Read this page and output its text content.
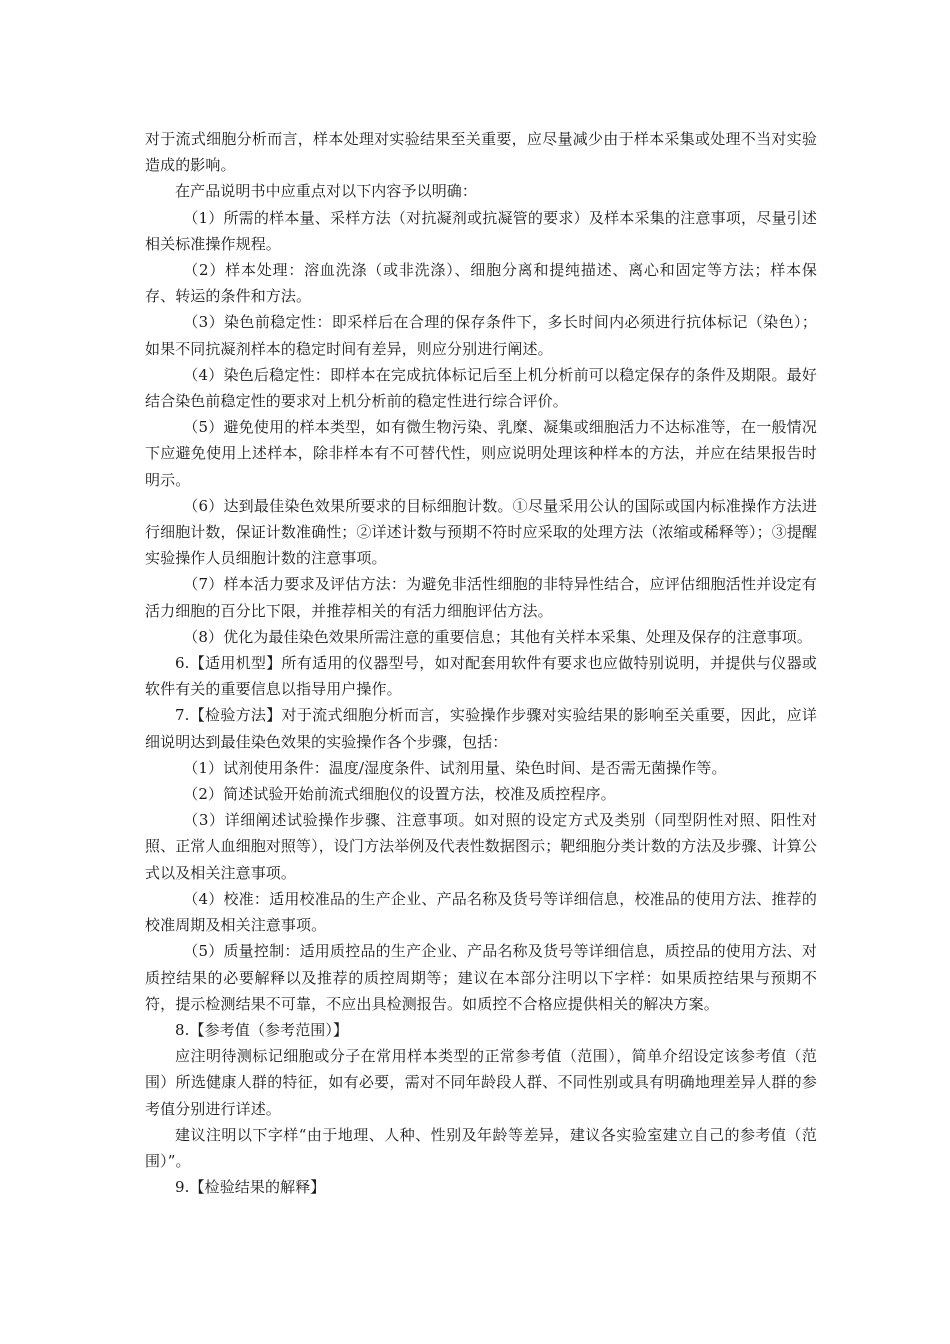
对于流式细胞分析而言，样本处理对实验结果至关重要，应尽量减少由于样本采集或处理不当对实验造成的影响。

在产品说明书中应重点对以下内容予以明确：

（1）所需的样本量、采样方法（对抗凝剂或抗凝管的要求）及样本采集的注意事项，尽量引述相关标准操作规程。

（2）样本处理：溶血洗涤（或非洗涤）、细胞分离和提纯描述、离心和固定等方法；样本保存、转运的条件和方法。

（3）染色前稳定性：即采样后在合理的保存条件下，多长时间内必须进行抗体标记（染色）；如果不同抗凝剂样本的稳定时间有差异，则应分别进行阐述。

（4）染色后稳定性：即样本在完成抗体标记后至上机分析前可以稳定保存的条件及期限。最好结合染色前稳定性的要求对上机分析前的稳定性进行综合评价。

（5）避免使用的样本类型，如有微生物污染、乳糜、凝集或细胞活力不达标准等，在一般情况下应避免使用上述样本，除非样本有不可替代性，则应说明处理该种样本的方法，并应在结果报告时明示。

（6）达到最佳染色效果所要求的目标细胞计数。①尽量采用公认的国际或国内标准操作方法进行细胞计数，保证计数准确性；②详述计数与预期不符时应采取的处理方法（浓缩或稀释等）；③提醒实验操作人员细胞计数的注意事项。

（7）样本活力要求及评估方法：为避免非活性细胞的非特异性结合，应评估细胞活性并设定有活力细胞的百分比下限，并推荐相关的有活力细胞评估方法。

（8）优化为最佳染色效果所需注意的重要信息；其他有关样本采集、处理及保存的注意事项。

6.【适用机型】所有适用的仪器型号，如对配套用软件有要求也应做特别说明，并提供与仪器或软件有关的重要信息以指导用户操作。

7.【检验方法】对于流式细胞分析而言，实验操作步骤对实验结果的影响至关重要，因此，应详细说明达到最佳染色效果的实验操作各个步骤，包括：

（1）试剂使用条件：温度/湿度条件、试剂用量、染色时间、是否需无菌操作等。

（2）简述试验开始前流式细胞仪的设置方法，校准及质控程序。

（3）详细阐述试验操作步骤、注意事项。如对照的设定方式及类别（同型阴性对照、阳性对照、正常人血细胞对照等），设门方法举例及代表性数据图示；靶细胞分类计数的方法及步骤、计算公式以及相关注意事项。

（4）校准：适用校准品的生产企业、产品名称及货号等详细信息，校准品的使用方法、推荐的校准周期及相关注意事项。

（5）质量控制：适用质控品的生产企业、产品名称及货号等详细信息，质控品的使用方法、对质控结果的必要解释以及推荐的质控周期等；建议在本部分注明以下字样：如果质控结果与预期不符，提示检测结果不可靠，不应出具检测报告。如质控不合格应提供相关的解决方案。

8.【参考值（参考范围）】

应注明待测标记细胞或分子在常用样本类型的正常参考值（范围），简单介绍设定该参考值（范围）所选健康人群的特征，如有必要，需对不同年龄段人群、不同性别或具有明确地理差异人群的参考值分别进行详述。

建议注明以下字样“由于地理、人种、性别及年龄等差异，建议各实验室建立自己的参考值（范围）”。

9.【检验结果的解释】
